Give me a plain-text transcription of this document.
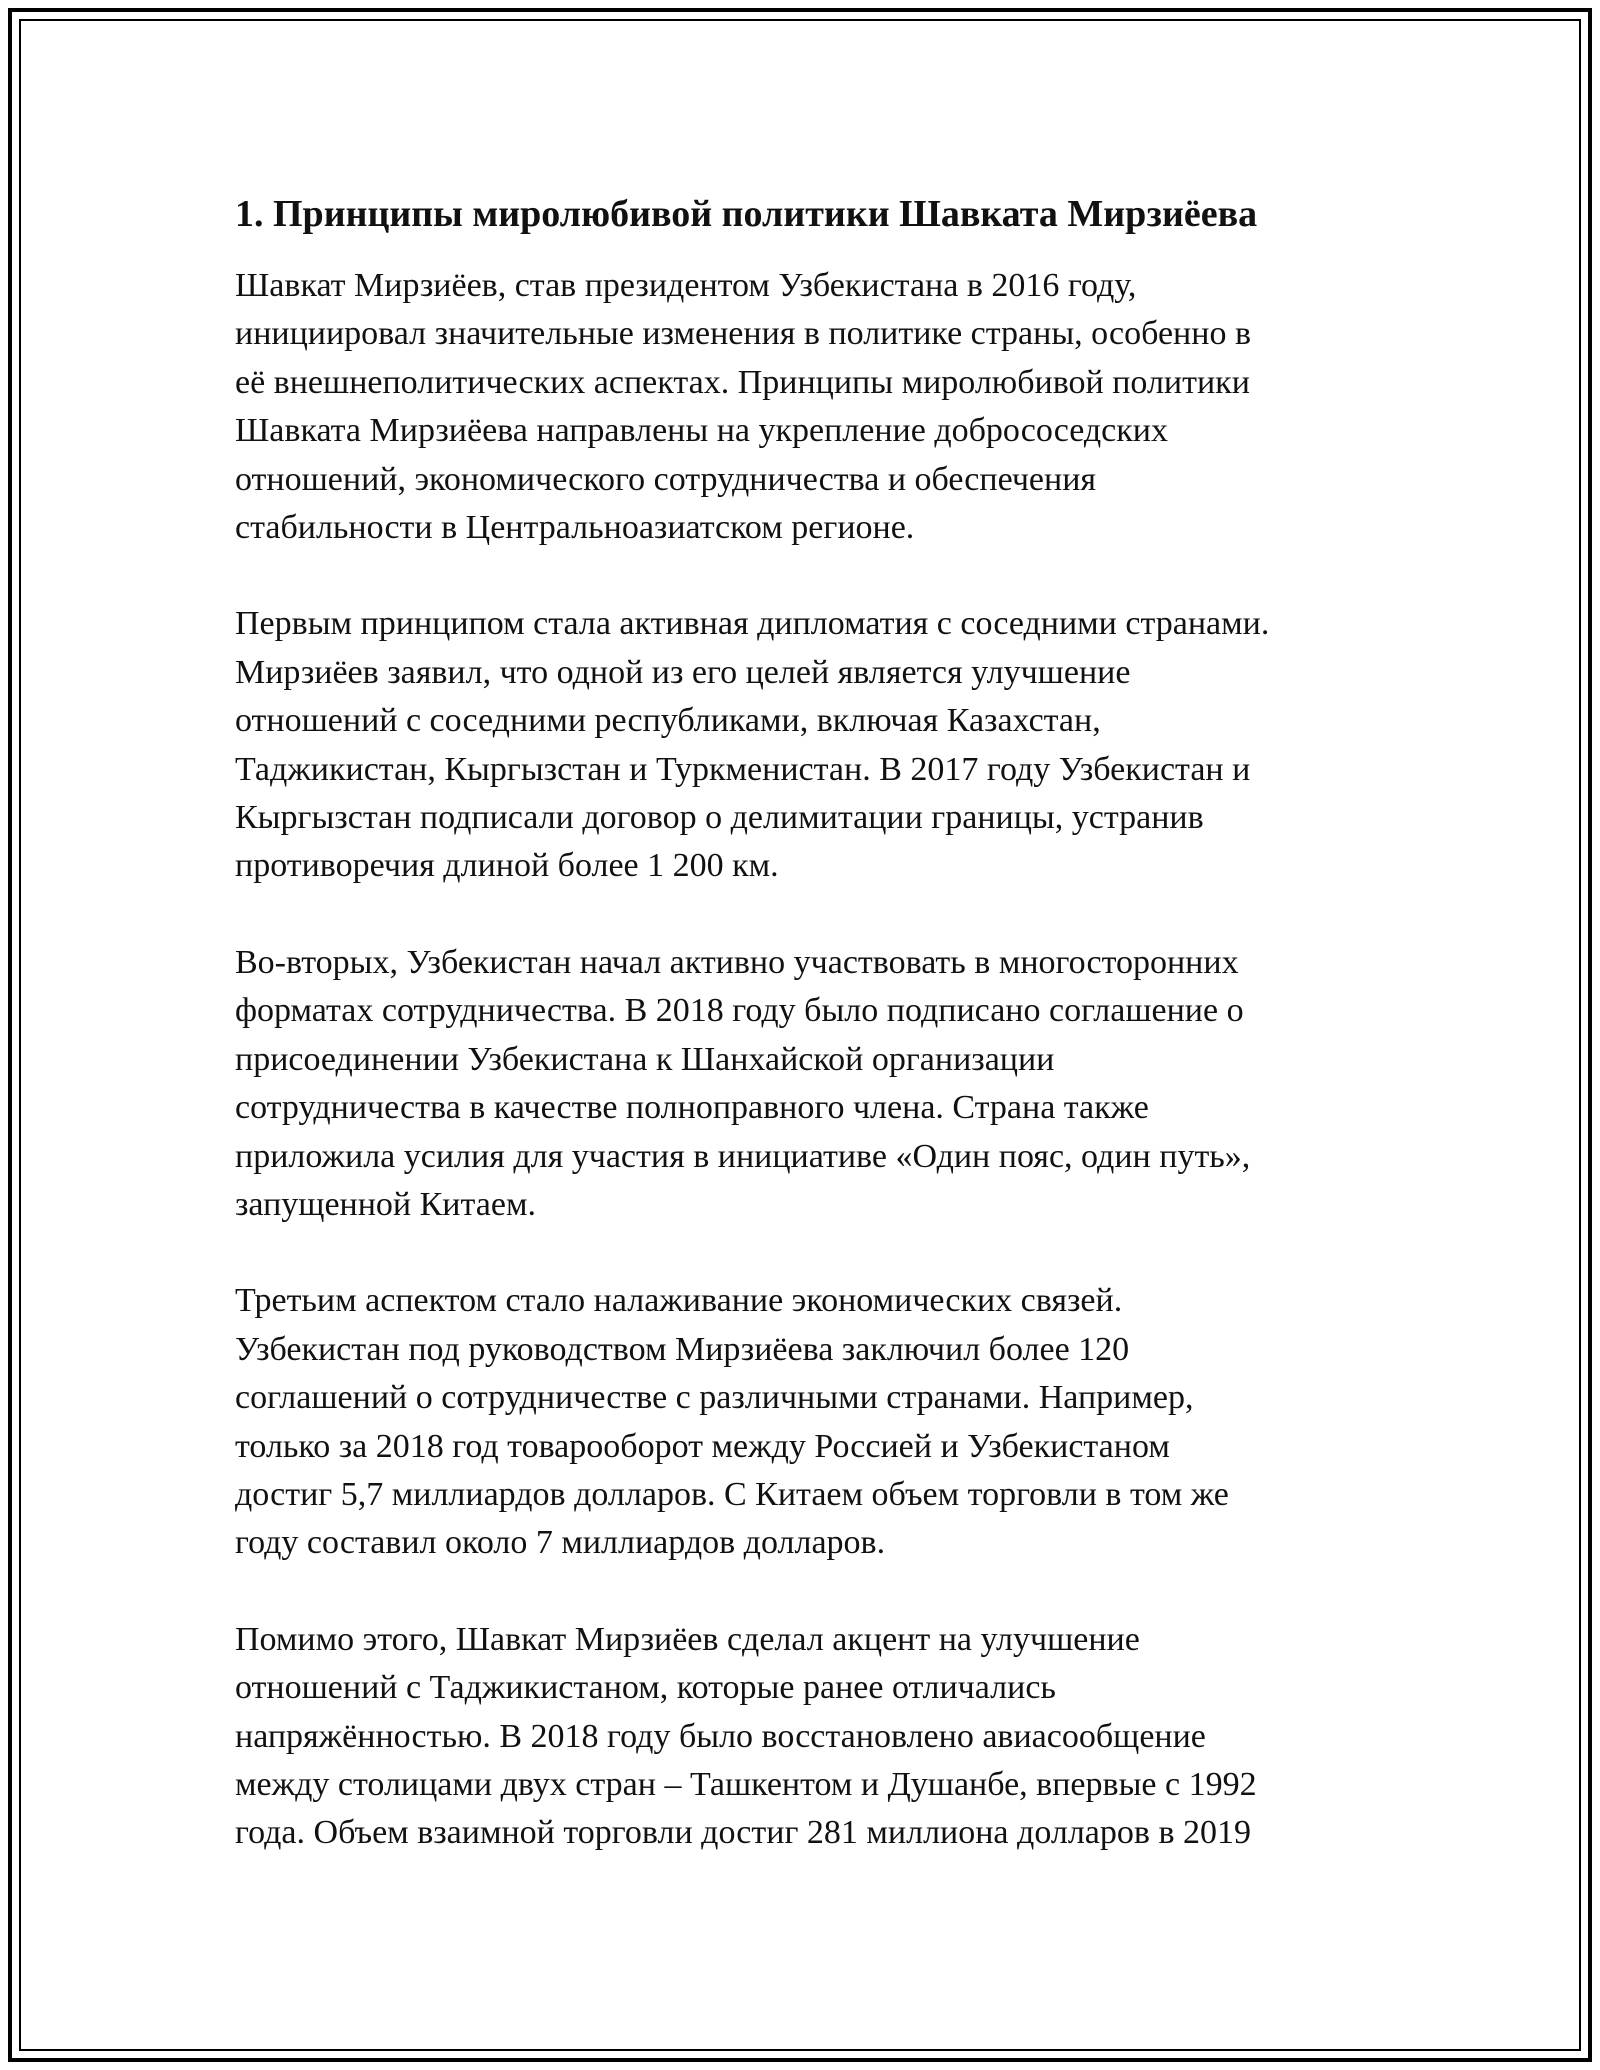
1. Принципы миролюбивой политики Шавката Мирзиёева

Шавкат Мирзиёев, став президентом Узбекистана в 2016 году,
инициировал значительные изменения в политике страны, особенно в
её внешнеполитических аспектах. Принципы миролюбивой политики
Шавката Мирзиёева направлены на укрепление добрососедских
отношений, экономического сотрудничества и обеспечения
стабильности в Центральноазиатском регионе.

Первым принципом стала активная дипломатия с соседними странами.
Мирзиёев заявил, что одной из его целей является улучшение
отношений с соседними республиками, включая Казахстан,
Таджикистан, Кыргызстан и Туркменистан. В 2017 году Узбекистан и
Кыргызстан подписали договор о делимитации границы, устранив
противоречия длиной более 1 200 км.

Во-вторых, Узбекистан начал активно участвовать в многосторонних
форматах сотрудничества. В 2018 году было подписано соглашение о
присоединении Узбекистана к Шанхайской организации
сотрудничества в качестве полноправного члена. Страна также
приложила усилия для участия в инициативе «Один пояс, один путь»,
запущенной Китаем.

Третьим аспектом стало налаживание экономических связей.
Узбекистан под руководством Мирзиёева заключил более 120
соглашений о сотрудничестве с различными странами. Например,
только за 2018 год товарооборот между Россией и Узбекистаном
достиг 5,7 миллиардов долларов. С Китаем объем торговли в том же
году составил около 7 миллиардов долларов.

Помимо этого, Шавкат Мирзиёев сделал акцент на улучшение
отношений с Таджикистаном, которые ранее отличались
напряжённостью. В 2018 году было восстановлено авиасообщение
между столицами двух стран – Ташкентом и Душанбе, впервые с 1992
года. Объем взаимной торговли достиг 281 миллиона долларов в 2019
